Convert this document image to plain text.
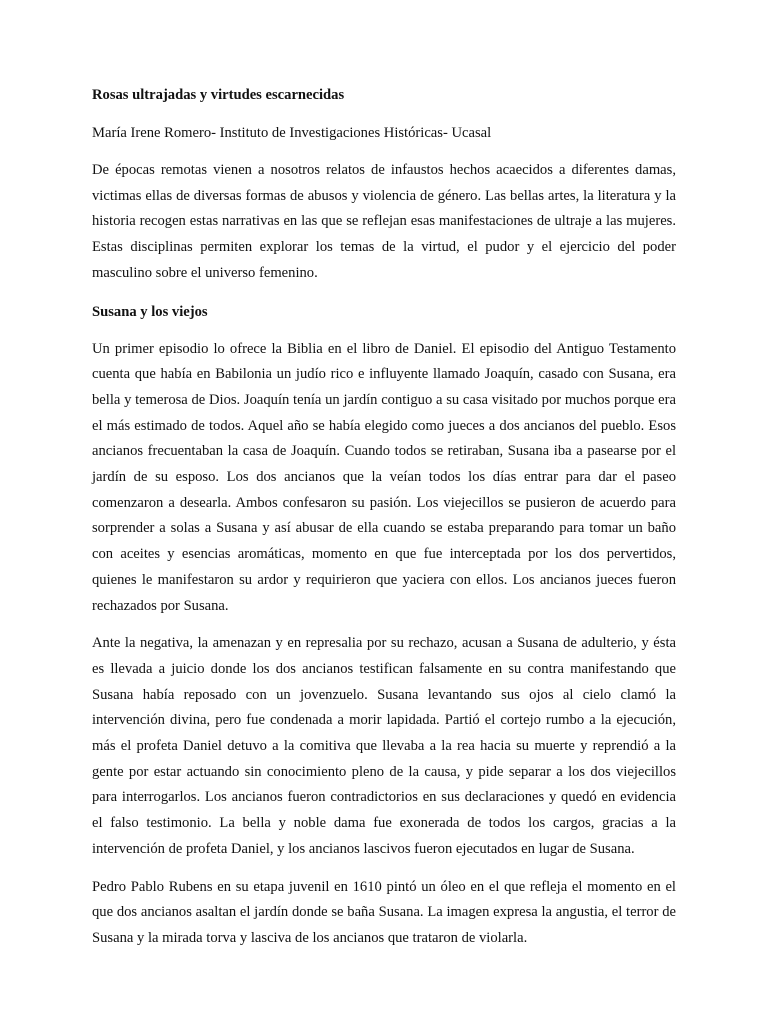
Rosas ultrajadas y virtudes escarnecidas
María Irene Romero- Instituto de Investigaciones Históricas- Ucasal
De épocas remotas vienen a nosotros relatos de infaustos hechos acaecidos a diferentes damas, victimas ellas de diversas formas de abusos y violencia de género. Las bellas artes, la literatura y la historia recogen estas narrativas en las que se reflejan esas manifestaciones de ultraje a las mujeres. Estas disciplinas permiten explorar los temas de la virtud, el pudor y el ejercicio del poder masculino sobre el universo femenino.
Susana y los viejos
Un primer episodio lo ofrece la Biblia en el libro de Daniel. El episodio del Antiguo Testamento cuenta que había en Babilonia un judío rico e influyente llamado Joaquín, casado con Susana, era bella y temerosa de Dios. Joaquín tenía un jardín contiguo a su casa visitado por muchos porque era el más estimado de todos. Aquel año se había elegido como jueces a dos ancianos del pueblo. Esos ancianos frecuentaban la casa de Joaquín. Cuando todos se retiraban, Susana iba a pasearse por el jardín de su esposo. Los dos ancianos que la veían todos los días entrar para dar el paseo comenzaron a desearla. Ambos confesaron su pasión. Los viejecillos se pusieron de acuerdo para sorprender a solas a Susana y así abusar de ella cuando se estaba preparando para tomar un baño con aceites y esencias aromáticas, momento en que fue interceptada por los dos pervertidos, quienes le manifestaron su ardor y requirieron que yaciera con ellos. Los ancianos jueces fueron rechazados por Susana.
Ante la negativa, la amenazan y en represalia por su rechazo, acusan a Susana de adulterio, y ésta es llevada a juicio donde los dos ancianos testifican falsamente en su contra manifestando que Susana había reposado con un jovenzuelo. Susana levantando sus ojos al cielo clamó la intervención divina, pero fue condenada a morir lapidada. Partió el cortejo rumbo a la ejecución, más el profeta Daniel detuvo a la comitiva que llevaba a la rea hacia su muerte y reprendió a la gente por estar actuando sin conocimiento pleno de la causa, y pide separar a los dos viejecillos para interrogarlos. Los ancianos fueron contradictorios en sus declaraciones y quedó en evidencia el falso testimonio. La bella y noble dama fue exonerada de todos los cargos, gracias a la intervención de profeta Daniel, y los ancianos lascivos fueron ejecutados en lugar de Susana.
Pedro Pablo Rubens en su etapa juvenil en 1610 pintó un óleo en el que refleja el momento en el que dos ancianos asaltan el jardín donde se baña Susana. La imagen expresa la angustia, el terror de Susana y la mirada torva y lasciva de los ancianos que trataron de violarla.
